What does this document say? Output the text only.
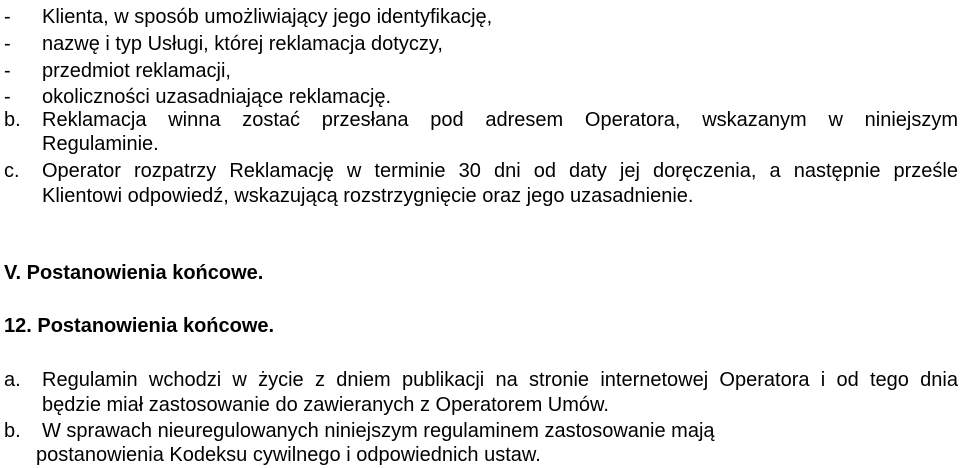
- Klienta, w sposób umożliwiający jego identyfikację,
- nazwę i typ Usługi, której reklamacja dotyczy,
- przedmiot reklamacji,
- okoliczności uzasadniające reklamację.
b. Reklamacja winna zostać przesłana pod adresem Operatora, wskazanym w niniejszym
Regulaminie.
c. Operator rozpatrzy Reklamację w terminie 30 dni od daty jej doręczenia, a następnie prześle
Klientowi odpowiedź, wskazującą rozstrzygnięcie oraz jego uzasadnienie.
V. Postanowienia końcowe.
12. Postanowienia końcowe.
a. Regulamin wchodzi w życie z dniem publikacji na stronie internetowej Operatora i od tego dnia
będzie miał zastosowanie do zawieranych z Operatorem Umów.
b. W sprawach nieuregulowanych niniejszym regulaminem zastosowanie mają
postanowienia Kodeksu cywilnego i odpowiednich ustaw.
